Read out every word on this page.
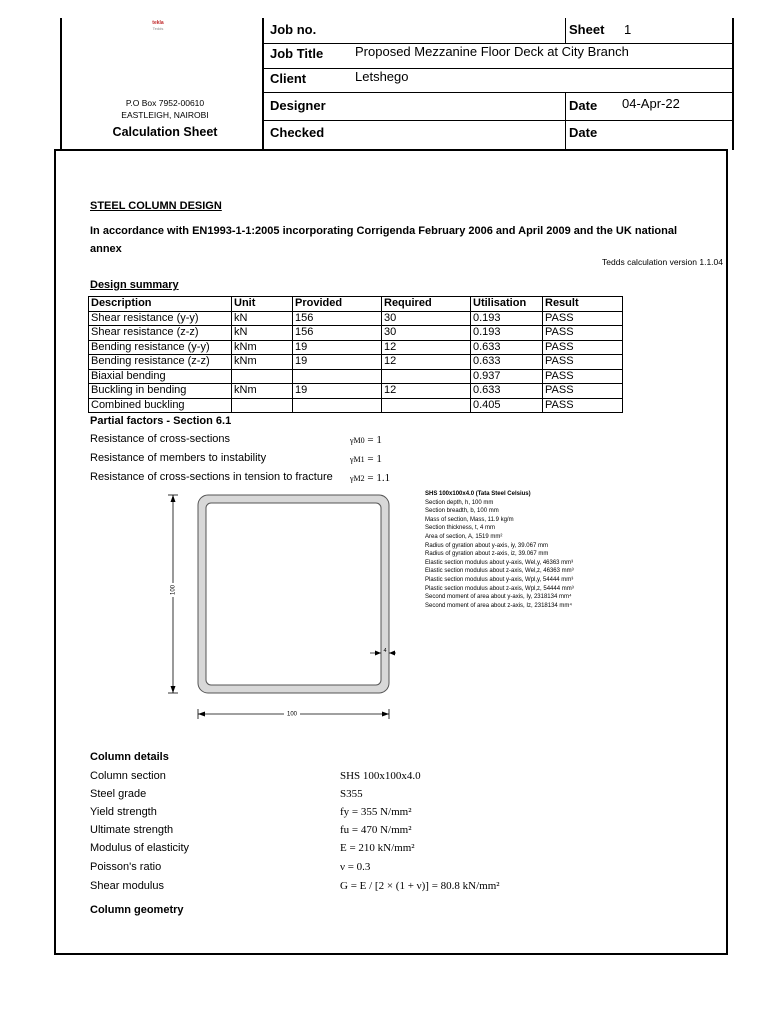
tekla
Tedds
P.O Box 7952-00610
EASTLEIGH, NAIROBI
Calculation Sheet
Job no.	Sheet 1
Job Title Proposed Mezzanine Floor Deck at City Branch
Client	Letshego
Designer	Date 04-Apr-22
Checked	Date
STEEL COLUMN DESIGN
In accordance with EN1993-1-1:2005 incorporating Corrigenda February 2006 and April 2009 and the UK national annex
Tedds calculation version 1.1.04
Design summary
Description	Unit	Provided	Required	Utilisation	Result
Shear resistance (y-y)	kN	156	30	0.193	PASS
Shear resistance (z-z)	kN	156	30	0.193	PASS
Bending resistance (y-y)	kNm	19	12	0.633	PASS
Bending resistance (z-z)	kNm	19	12	0.633	PASS
Biaxial bending				0.937	PASS
Buckling in bending	kNm	19	12	0.633	PASS
Combined buckling				0.405	PASS
Partial factors - Section 6.1
Resistance of cross-sections	γM0 = 1
Resistance of members to instability	γM1 = 1
Resistance of cross-sections in tension to fracture γM2 = 1.1
100
100
4
SHS 100x100x4.0 (Tata Steel Celsius)
Section depth, h, 100 mm
Section breadth, b, 100 mm
Mass of section, Mass, 11.9 kg/m
Section thickness, t, 4 mm
Area of section, A, 1519 mm²
Radius of gyration about y-axis, iy, 39.067 mm
Radius of gyration about z-axis, iz, 39.067 mm
Elastic section modulus about y-axis, Wel,y, 46363 mm³
Elastic section modulus about z-axis, Wel,z, 46363 mm³
Plastic section modulus about y-axis, Wpl,y, 54444 mm³
Plastic section modulus about z-axis, Wpl,z, 54444 mm³
Second moment of area about y-axis, Iy, 2318134 mm⁴
Second moment of area about z-axis, Iz, 2318134 mm⁴
Column details
Column section	SHS 100x100x4.0
Steel grade	S355
Yield strength	fy = 355 N/mm²
Ultimate strength	fu = 470 N/mm²
Modulus of elasticity	E = 210 kN/mm²
Poisson's ratio	ν = 0.3
Shear modulus	G = E / [2 × (1 + ν)] = 80.8 kN/mm²
Column geometry
